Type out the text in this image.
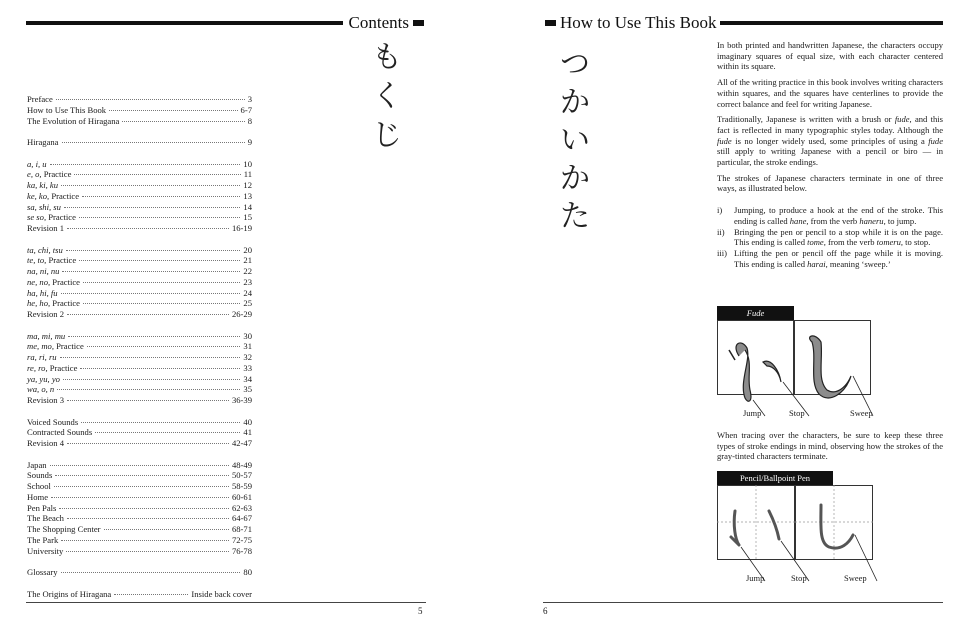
Contents	How to Use This Book
も
く
じ
つ
か
い
か
た
Preface	3
How to Use This Book	6-7
The Evolution of Hiragana	8
Hiragana	9
a, i, u	10
e, o, Practice	11
ka, ki, ku	12
ke, ko, Practice	13
sa, shi, su	14
se so, Practice	15
Revision 1	16-19
ta, chi, tsu	20
te, to, Practice	21
na, ni, nu	22
ne, no, Practice	23
ha, hi, fu	24
he, ho, Practice	25
Revision 2	26-29
ma, mi, mu	30
me, mo, Practice	31
ra, ri, ru	32
re, ro, Practice	33
ya, yu, yo	34
wa, o, n	35
Revision 3	36-39
Voiced Sounds	40
Contracted Sounds	41
Revision 4	42-47
Japan	48-49
Sounds	50-57
School	58-59
Home	60-61
Pen Pals	62-63
The Beach	64-67
The Shopping Center	68-71
The Park	72-75
University	76-78
Glossary	80
The Origins of Hiragana	Inside back cover

In both printed and handwritten Japanese, the characters occupy imaginary squares of equal size, with each character centered within its square.

All of the writing practice in this book involves writing characters within squares, and the squares have centerlines to provide the correct balance and feel for writing Japanese.

Traditionally, Japanese is written with a brush or fude, and this fact is reflected in many typographic styles today. Although the fude is no longer widely used, some principles of using a fude still apply to writing Japanese with a pencil or biro — in particular, the stroke endings.

The strokes of Japanese characters terminate in one of three ways, as illustrated below.

i)	Jumping, to produce a hook at the end of the stroke. This ending is called hane, from the verb haneru, to jump.
ii)	Bringing the pen or pencil to a stop while it is on the page. This ending is called tome, from the verb tomeru, to stop.
iii) Lifting the pen or pencil off the page while it is moving. This ending is called harai, meaning ‘sweep.’
Fude
Jump	Stop	Sweep

When tracing over the characters, be sure to keep these three types of stroke endings in mind, observing how the strokes of the gray-tinted characters terminate.

Pencil/Ballpoint Pen
Jump	Stop	Sweep
5	6
